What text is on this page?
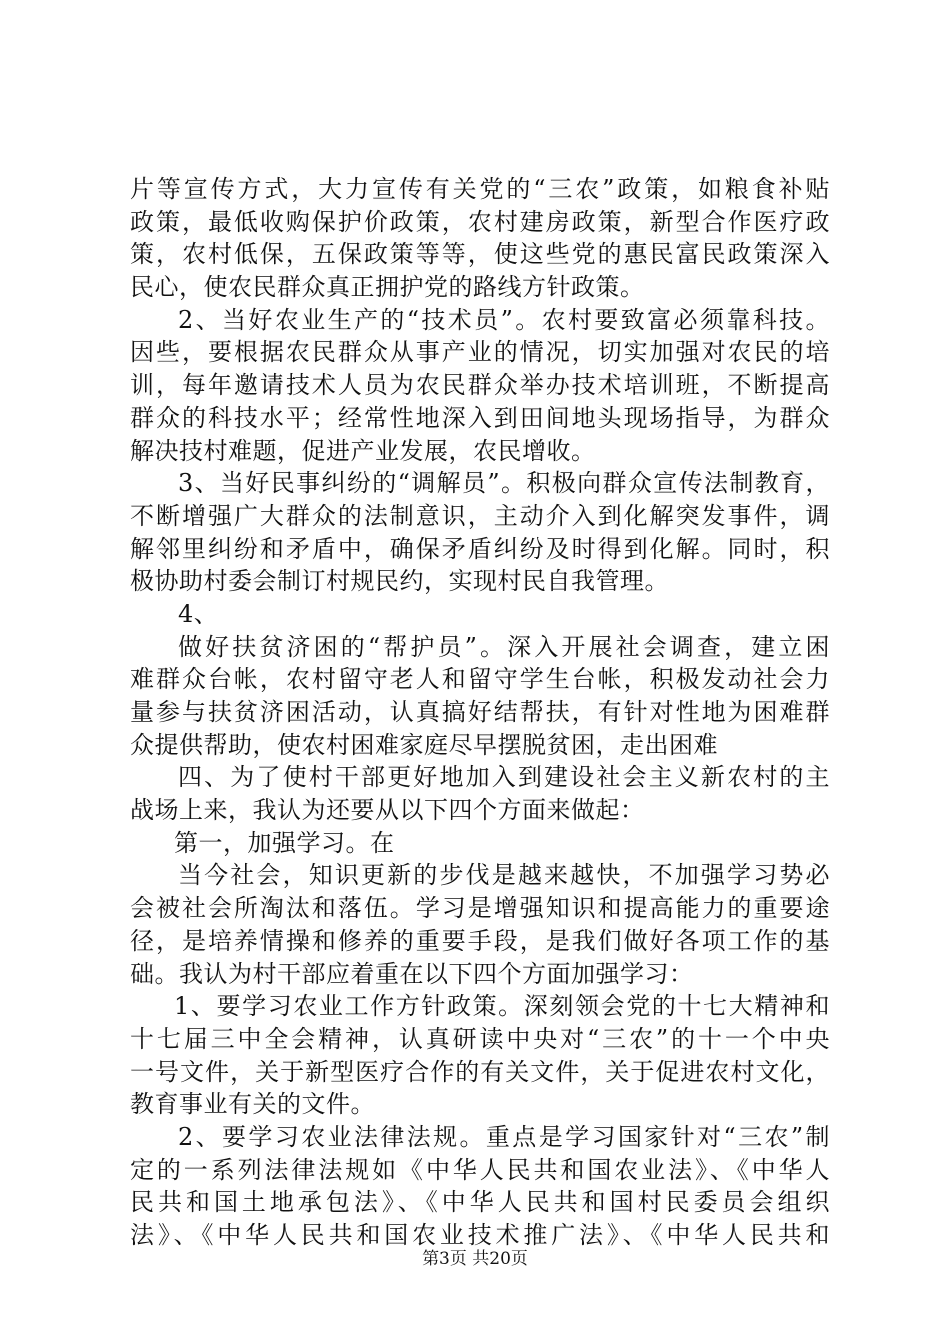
片等宣传方式，大力宣传有关党的“三农”政策，如粮食补贴
政策，最低收购保护价政策，农村建房政策，新型合作医疗政
策，农村低保，五保政策等等，使这些党的惠民富民政策深入
民心，使农民群众真正拥护党的路线方针政策。
2、当好农业生产的“技术员”。农村要致富必须靠科技。
因些，要根据农民群众从事产业的情况，切实加强对农民的培
训，每年邀请技术人员为农民群众举办技术培训班，不断提高
群众的科技水平；经常性地深入到田间地头现场指导，为群众
解决技村难题，促进产业发展，农民增收。
3、当好民事纠纷的“调解员”。积极向群众宣传法制教育，
不断增强广大群众的法制意识，主动介入到化解突发事件，调
解邻里纠纷和矛盾中，确保矛盾纠纷及时得到化解。同时，积
极协助村委会制订村规民约，实现村民自我管理。
4、
做好扶贫济困的“帮护员”。深入开展社会调查，建立困
难群众台帐，农村留守老人和留守学生台帐，积极发动社会力
量参与扶贫济困活动，认真搞好结帮扶，有针对性地为困难群
众提供帮助，使农村困难家庭尽早摆脱贫困，走出困难
四、为了使村干部更好地加入到建设社会主义新农村的主
战场上来，我认为还要从以下四个方面来做起：
第一，加强学习。在
当今社会，知识更新的步伐是越来越快，不加强学习势必
会被社会所淘汰和落伍。学习是增强知识和提高能力的重要途
径，是培养情操和修养的重要手段，是我们做好各项工作的基
础。我认为村干部应着重在以下四个方面加强学习：
1、要学习农业工作方针政策。深刻领会党的十七大精神和
十七届三中全会精神，认真研读中央对“三农”的十一个中央
一号文件，关于新型医疗合作的有关文件，关于促进农村文化，
教育事业有关的文件。
2、要学习农业法律法规。重点是学习国家针对“三农”制
定的一系列法律法规如《中华人民共和国农业法》、《中华人
民共和国土地承包法》、《中华人民共和国村民委员会组织
法》、《中华人民共和国农业技术推广法》、《中华人民共和
第3页 共20页
